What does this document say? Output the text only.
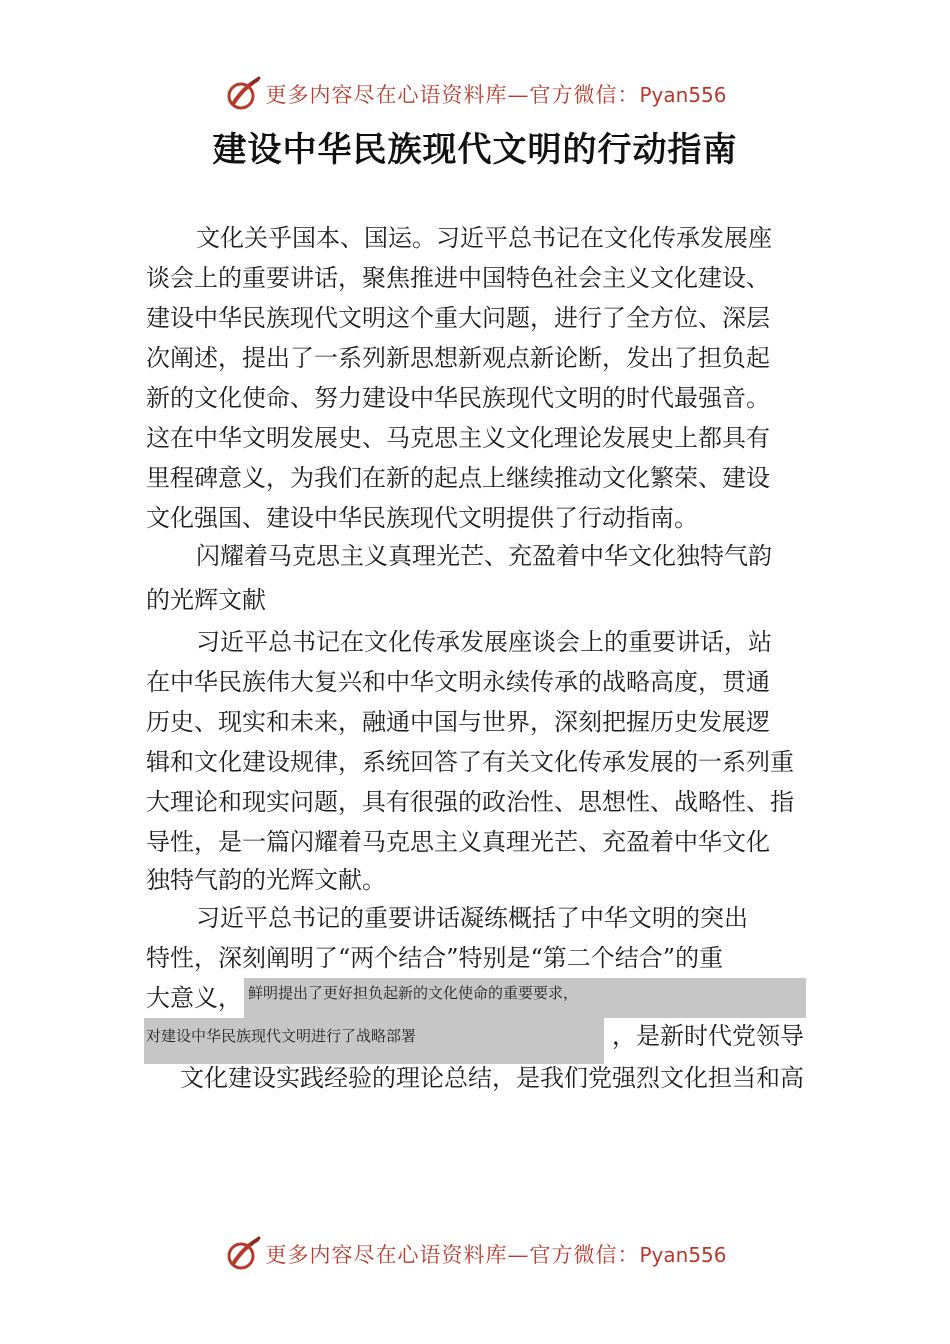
更多内容尽在心语资料库—官方微信：Pyan556
建设中华民族现代文明的行动指南
鲜明提出了更好担负起新的文化使命的重要要求，
对建设中华民族现代文明进行了战略部署
文化关乎国本、国运。习近平总书记在文化传承发展座
谈会上的重要讲话，聚焦推进中国特色社会主义文化建设、
建设中华民族现代文明这个重大问题，进行了全方位、深层
次阐述，提出了一系列新思想新观点新论断，发出了担负起
新的文化使命、努力建设中华民族现代文明的时代最强音。
这在中华文明发展史、马克思主义文化理论发展史上都具有
里程碑意义，为我们在新的起点上继续推动文化繁荣、建设
文化强国、建设中华民族现代文明提供了行动指南。
闪耀着马克思主义真理光芒、充盈着中华文化独特气韵
的光辉文献
习近平总书记在文化传承发展座谈会上的重要讲话，站
在中华民族伟大复兴和中华文明永续传承的战略高度，贯通
历史、现实和未来，融通中国与世界，深刻把握历史发展逻
辑和文化建设规律，系统回答了有关文化传承发展的一系列重
大理论和现实问题，具有很强的政治性、思想性、战略性、指
导性，是一篇闪耀着马克思主义真理光芒、充盈着中华文化
独特气韵的光辉文献。
习近平总书记的重要讲话凝练概括了中华文明的突出
特性，深刻阐明了“两个结合”特别是“第二个结合”的重
大意义，
，是新时代党领导
文化建设实践经验的理论总结，是我们党强烈文化担当和高
更多内容尽在心语资料库—官方微信：Pyan556
